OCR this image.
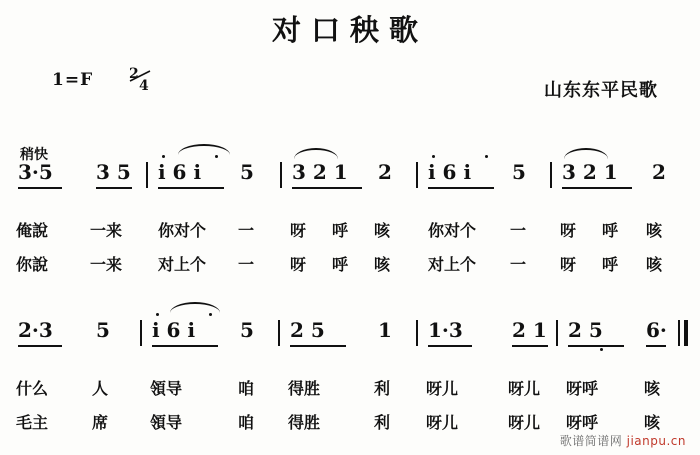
对口秧歌
1=F	2
4	山东东平民歌
稍快
3·5 3 5 i 6 i 5 3 2 1 2 i 6 i 5 3 2 1 2
俺說	一来 你对个 一 呀 呼 咳 你对个 一 呀 呼 咳
你說	一来 对上个 一 呀 呼 咳 对上个 一 呀 呼 咳
2·3 5 i 6 i 5 2 5	1 1·3 2 1 2 5 6·
什么	人	領导	咱 得胜	利 呀儿	呀儿 呀呼	咳
毛主	席	領导	咱 得胜	利 呀儿	呀儿 呀呼	咳
歌谱简谱网 jianpu.cn
